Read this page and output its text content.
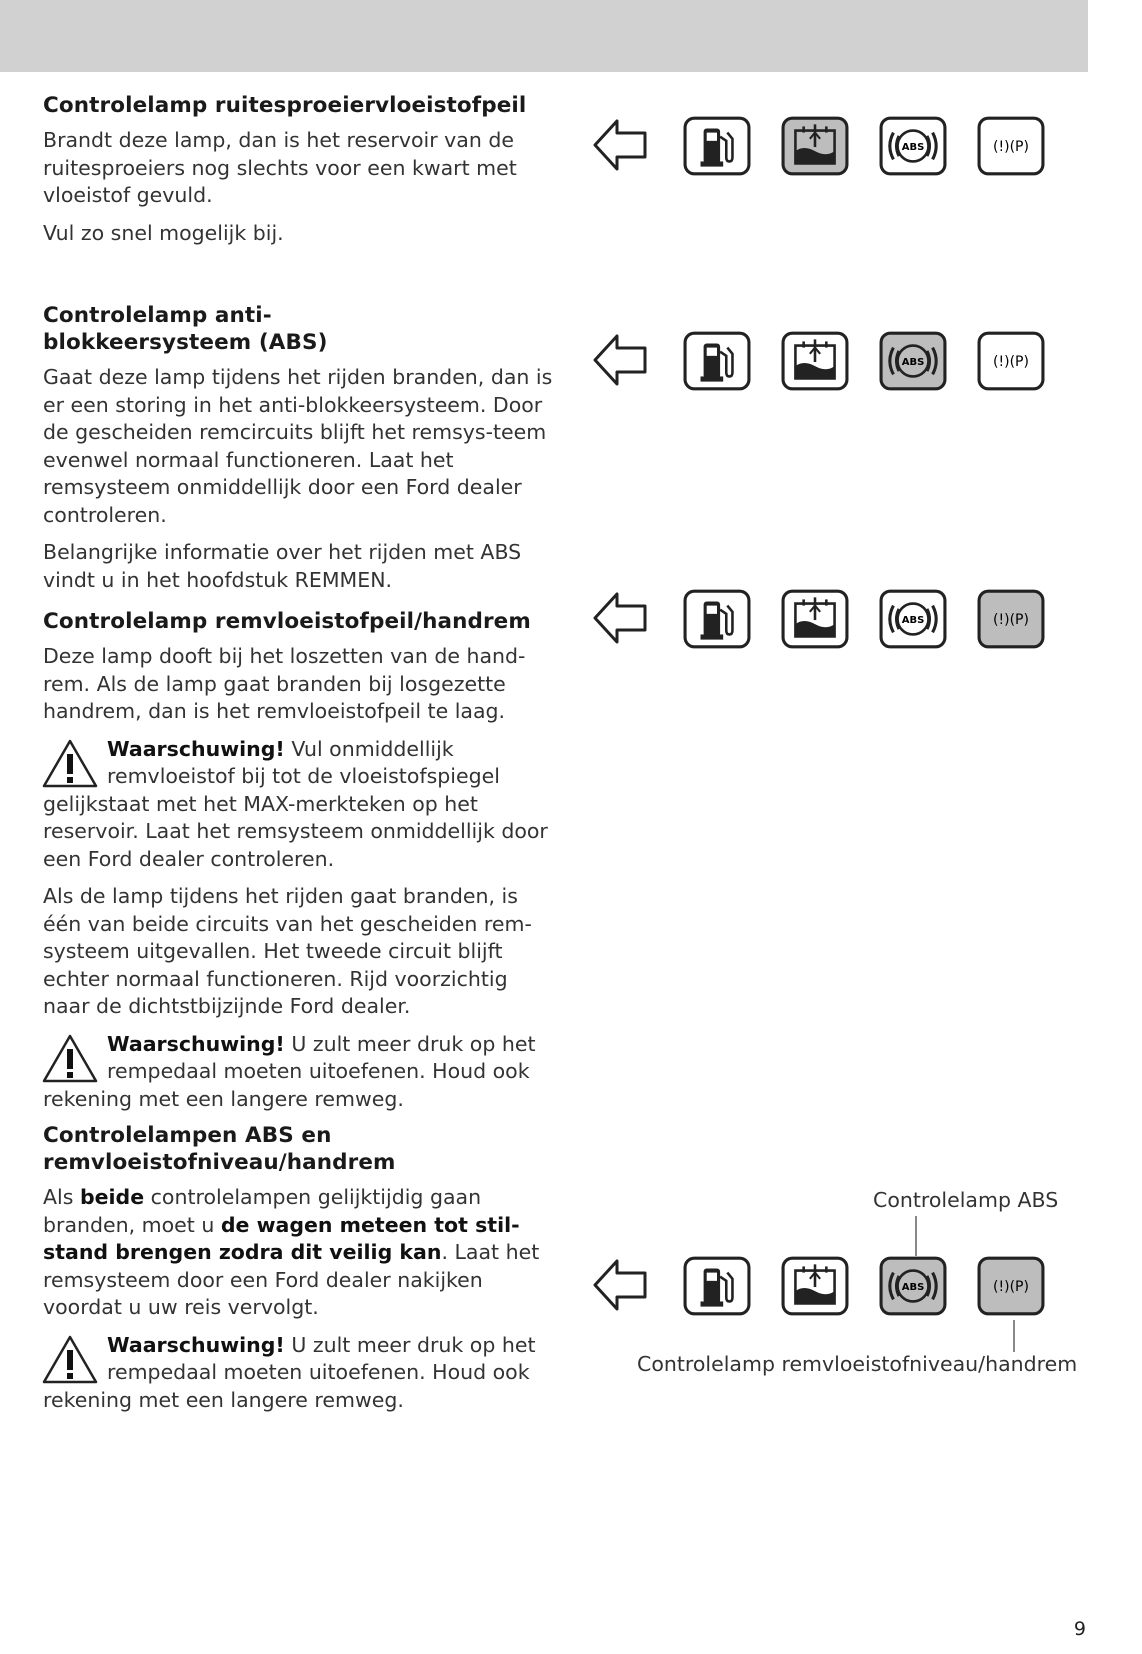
Controlelamp ruitesproeiervloeistofpeil

Brandt deze lamp, dan is het reservoir van de ruitesproeiers nog slechts voor een kwart met vloeistof gevuld.

Vul zo snel mogelijk bij.

Controlelamp anti-blokkeersysteem (ABS)

Gaat deze lamp tijdens het rijden branden, dan is er een storing in het anti-blokkeersysteem. Door de gescheiden remcircuits blijft het remsys-teem evenwel normaal functioneren. Laat het remsysteem onmiddellijk door een Ford dealer controleren.

Belangrijke informatie over het rijden met ABS vindt u in het hoofdstuk REMMEN.

Controlelamp remvloeistofpeil/handrem

Deze lamp dooft bij het loszetten van de hand-rem. Als de lamp gaat branden bij losgezette handrem, dan is het remvloeistofpeil te laag.

Waarschuwing! Vul onmiddellijk remvloeistof bij tot de vloeistofspiegel gelijkstaat met het MAX-merkteken op het reservoir. Laat het remsysteem onmiddellijk door een Ford dealer controleren.

Als de lamp tijdens het rijden gaat branden, is één van beide circuits van het gescheiden rem-systeem uitgevallen. Het tweede circuit blijft echter normaal functioneren. Rijd voorzichtig naar de dichtstbijzijnde Ford dealer.

Waarschuwing! U zult meer druk op het rempedaal moeten uitoefenen. Houd ook rekening met een langere remweg.

Controlelampen ABS en remvloeistofniveau/handrem

Als beide controlelampen gelijktijdig gaan branden, moet u de wagen meteen tot stil-stand brengen zodra dit veilig kan. Laat het remsysteem door een Ford dealer nakijken voordat u uw reis vervolgt.

Waarschuwing! U zult meer druk op het rempedaal moeten uitoefenen. Houd ook rekening met een langere remweg.

ABS	(!)(P)
ABS	(!)(P)
ABS	(!)(P)
Controlelamp ABS
ABS	(!)(P)
Controlelamp remvloeistofniveau/handrem
9
